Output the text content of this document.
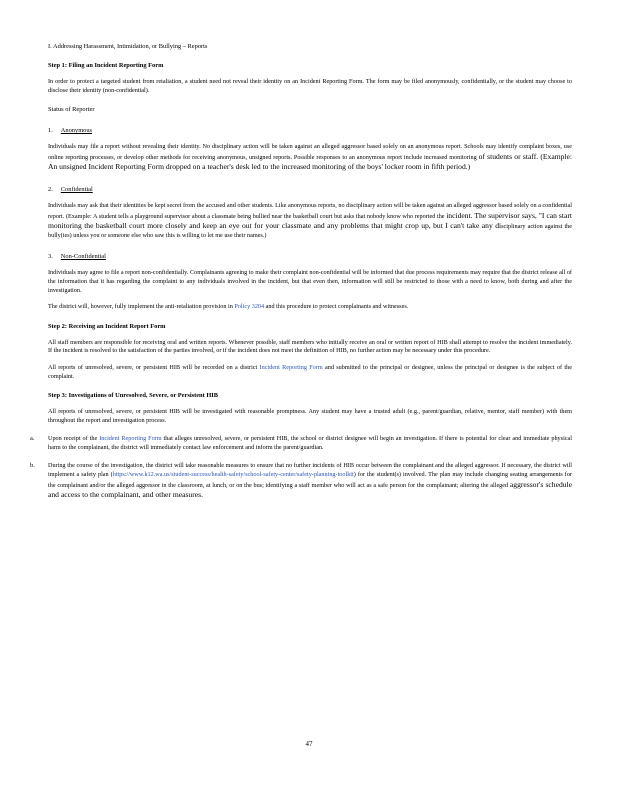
I. Addressing Harassment, Intimidation, or Bullying – Reports

Step 1: Filing an Incident Reporting Form

In order to protect a targeted student from retaliation, a student need not reveal their identity on an Incident Reporting Form. The form may be filed anonymously, confidentially, or the student may choose to disclose their identity (non-confidential).

Status of Reporter

1. Anonymous

Individuals may file a report without revealing their identity. No disciplinary action will be taken against an alleged aggressor based solely on an anonymous report. Schools may identify complaint boxes, use online reporting processes, or develop other methods for receiving anonymous, unsigned reports. Possible responses to an anonymous report include increased monitoring of students or staff. (Example: An unsigned Incident Reporting Form dropped on a teacher's desk led to the increased monitoring of the boys' locker room in fifth period.)

2. Confidential

Individuals may ask that their identities be kept secret from the accused and other students. Like anonymous reports, no disciplinary action will be taken against an alleged aggressor based solely on a confidential report. (Example: A student tells a playground supervisor about a classmate being bullied near the basketball court but asks that nobody know who reported the incident. The supervisor says, "I can start monitoring the basketball court more closely and keep an eye out for your classmate and any problems that might crop up, but I can't take any disciplinary action against the bully(ies) unless you or someone else who saw this is willing to let me use their names.)

3. Non-Confidential

Individuals may agree to file a report non-confidentially. Complainants agreeing to make their complaint non-confidential will be informed that due process requirements may require that the district release all of the information that it has regarding the complaint to any individuals involved in the incident, but that even then, information will still be restricted to those with a need to know, both during and after the investigation.

The district will, however, fully implement the anti-retaliation provision in Policy 3204 and this procedure to protect complainants and witnesses.

Step 2: Receiving an Incident Report Form

All staff members are responsible for receiving oral and written reports. Whenever possible, staff members who initially receive an oral or written report of HIB shall attempt to resolve the incident immediately. If the incident is resolved to the satisfaction of the parties involved, or if the incident does not meet the definition of HIB, no further action may be necessary under this procedure.

All reports of unresolved, severe, or persistent HIB will be recorded on a district Incident Reporting Form and submitted to the principal or designee, unless the principal or designee is the subject of the complaint.

Step 3: Investigations of Unresolved, Severe, or Persistent HIB

All reports of unresolved, severe, or persistent HIB will be investigated with reasonable promptness. Any student may have a trusted adult (e.g., parent/guardian, relative, mentor, staff member) with them throughout the report and investigation process.

a. Upon receipt of the Incident Reporting Form that alleges unresolved, severe, or persistent HIB, the school or district designee will begin an investigation. If there is potential for clear and immediate physical harm to the complainant, the district will immediately contact law enforcement and inform the parent/guardian.

b. During the course of the investigation, the district will take reasonable measures to ensure that no further incidents of HIB occur between the complainant and the alleged aggressor. If necessary, the district will implement a safety plan (https://www.k12.wa.us/student-success/health-safety/school-safety-center/safety-planning-toolkit) for the student(s) involved. The plan may include changing seating arrangements for the complainant and/or the alleged aggressor in the classroom, at lunch, or on the bus; identifying a staff member who will act as a safe person for the complainant; altering the alleged aggressor's schedule and access to the complainant, and other measures.

47
